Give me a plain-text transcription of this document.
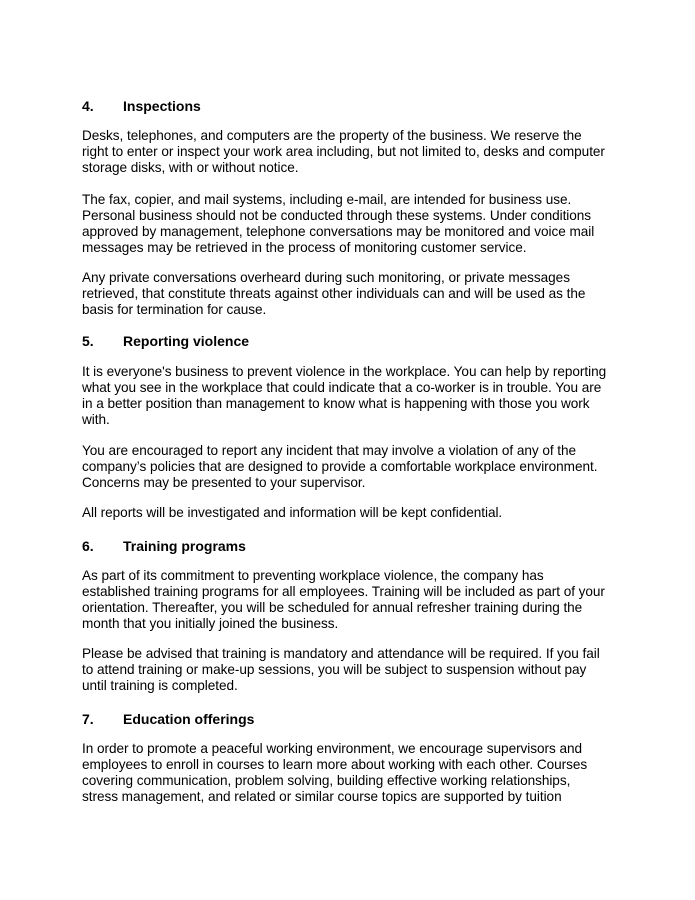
4. Inspections
Desks, telephones, and computers are the property of the business. We reserve the
right to enter or inspect your work area including, but not limited to, desks and computer
storage disks, with or without notice.
The fax, copier, and mail systems, including e-mail, are intended for business use.
Personal business should not be conducted through these systems. Under conditions
approved by management, telephone conversations may be monitored and voice mail
messages may be retrieved in the process of monitoring customer service.
Any private conversations overheard during such monitoring, or private messages
retrieved, that constitute threats against other individuals can and will be used as the
basis for termination for cause.
5. Reporting violence
It is everyone's business to prevent violence in the workplace. You can help by reporting
what you see in the workplace that could indicate that a co-worker is in trouble. You are
in a better position than management to know what is happening with those you work
with.
You are encouraged to report any incident that may involve a violation of any of the
company’s policies that are designed to provide a comfortable workplace environment.
Concerns may be presented to your supervisor.
All reports will be investigated and information will be kept confidential.
6. Training programs
As part of its commitment to preventing workplace violence, the company has
established training programs for all employees. Training will be included as part of your
orientation. Thereafter, you will be scheduled for annual refresher training during the
month that you initially joined the business.
Please be advised that training is mandatory and attendance will be required. If you fail
to attend training or make-up sessions, you will be subject to suspension without pay
until training is completed.
7. Education offerings
In order to promote a peaceful working environment, we encourage supervisors and
employees to enroll in courses to learn more about working with each other. Courses
covering communication, problem solving, building effective working relationships,
stress management, and related or similar course topics are supported by tuition
